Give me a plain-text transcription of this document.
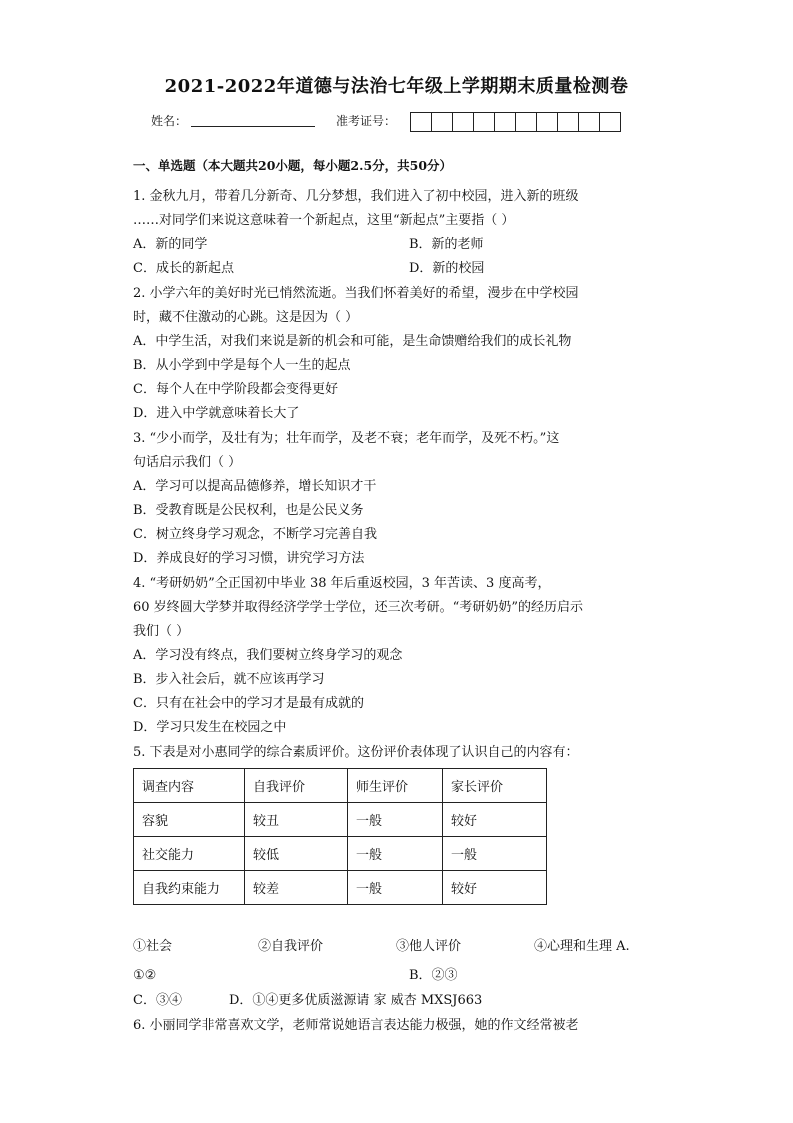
2021-2022年道德与法治七年级上学期期末质量检测卷
姓名：	准考证号：
一、单选题（本大题共20小题，每小题2.5分，共50分）
1. 金秋九月，带着几分新奇、几分梦想，我们进入了初中校园，进入新的班级
……对同学们来说这意味着一个新起点，这里“新起点”主要指（ ）
A．新的同学	B．新的老师
C．成长的新起点	D．新的校园
2. 小学六年的美好时光已悄然流逝。当我们怀着美好的希望，漫步在中学校园
时，藏不住激动的心跳。这是因为（ ）
A．中学生活，对我们来说是新的机会和可能，是生命馈赠给我们的成长礼物
B．从小学到中学是每个人一生的起点
C．每个人在中学阶段都会变得更好
D．进入中学就意味着长大了
3. “少小而学，及壮有为；壮年而学，及老不衰；老年而学，及死不朽。”这
句话启示我们（ ）
A．学习可以提高品德修养，增长知识才干
B．受教育既是公民权利，也是公民义务
C．树立终身学习观念，不断学习完善自我
D．养成良好的学习习惯，讲究学习方法
4. “考研奶奶”仝正国初中毕业 38 年后重返校园，3 年苦读、3 度高考，
60 岁终圆大学梦并取得经济学学士学位，还三次考研。“考研奶奶”的经历启示
我们（ ）
A．学习没有终点，我们要树立终身学习的观念
B．步入社会后，就不应该再学习
C．只有在社会中的学习才是最有成就的
D．学习只发生在校园之中
5. 下表是对小惠同学的综合素质评价。这份评价表体现了认识自己的内容有：
调查内容	自我评价	师生评价	家长评价
容貌	较丑	一般	较好
社交能力	较低	一般	一般
自我约束能力	较差	一般	较好
①社会	②自我评价	③他人评价	④心理和生理 A.
①②	B．②③
C．③④	D．①④更多优质滋源请 家 威杏 MXSJ663
6. 小丽同学非常喜欢文学，老师常说她语言表达能力极强，她的作文经常被老
